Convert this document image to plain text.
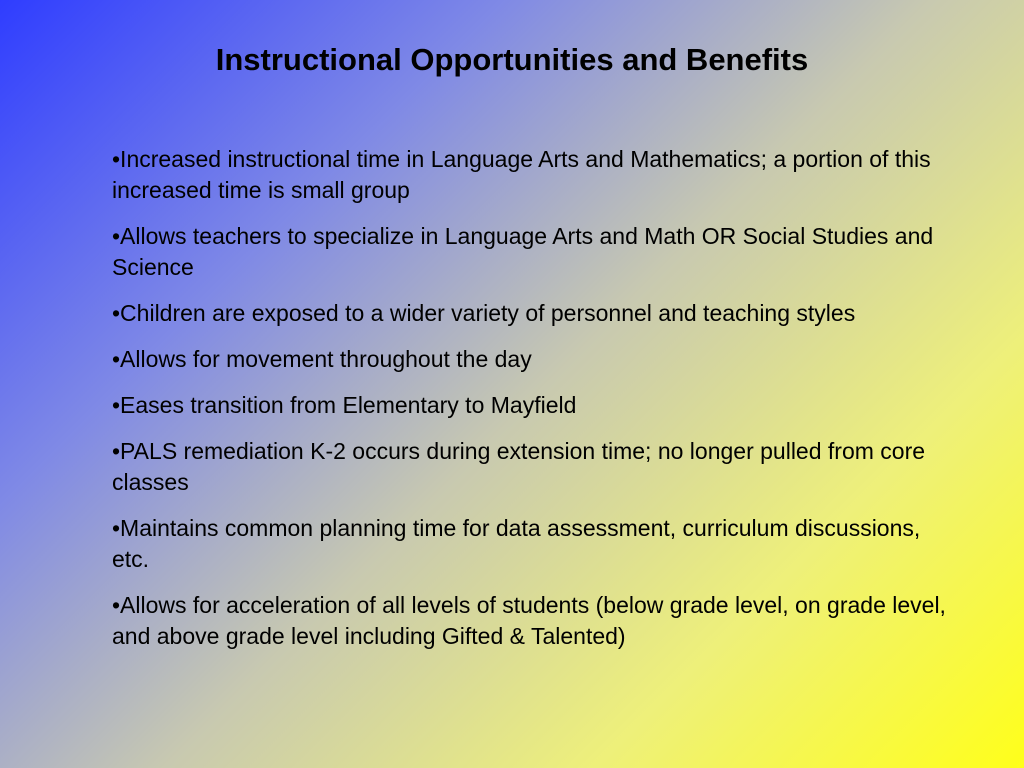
Instructional Opportunities and Benefits
•Increased instructional time in Language Arts and Mathematics; a portion of this increased time is small group
•Allows teachers to specialize in Language Arts and Math OR Social Studies and Science
•Children are exposed to a wider variety of personnel and teaching styles
•Allows for movement throughout the day
•Eases transition from Elementary to Mayfield
•PALS remediation K-2 occurs during extension time; no longer pulled from core classes
•Maintains common planning time for data assessment, curriculum discussions, etc.
•Allows for acceleration of all levels of students (below grade level, on grade level, and above grade level including Gifted & Talented)
